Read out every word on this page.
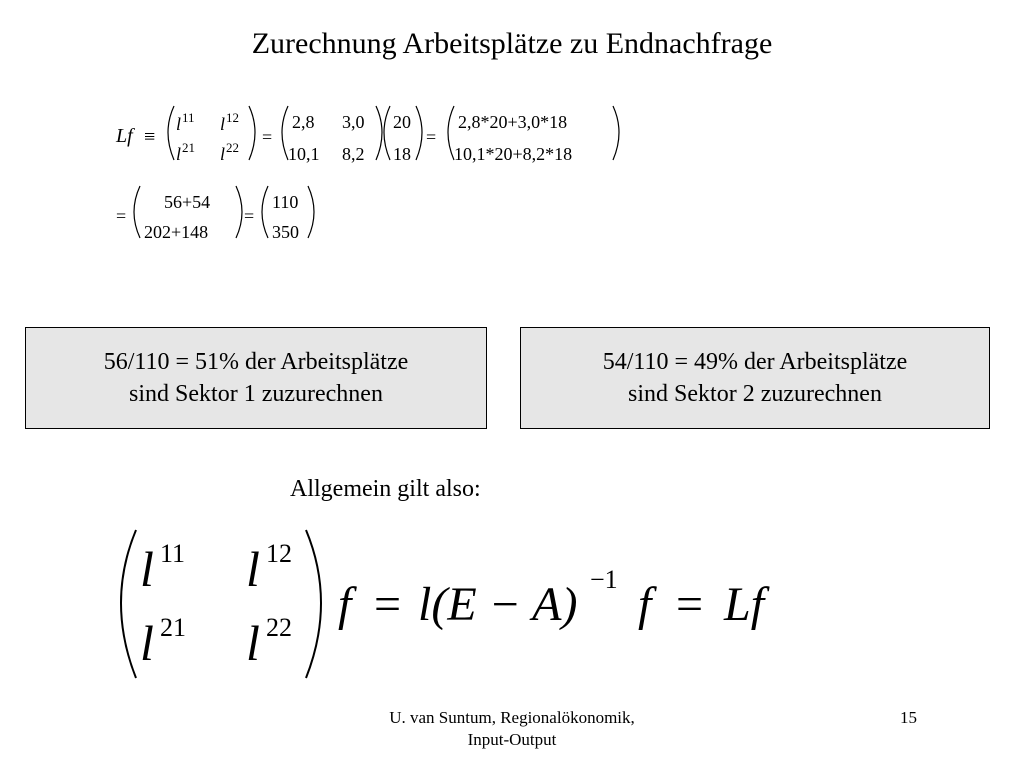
Zurechnung Arbeitsplätze zu Endnachfrage
Lf ≡
l 11 l 12
l 21 l 22
=
2,8 3,0
10,1 8,2
20
18
=
2,8*20+3,0*18
10,1*20+8,2*18
=
56+54
202+148
=
110
350
56/110 = 51% der Arbeitsplätze
sind Sektor 1 zuzurechnen
54/110 = 49% der Arbeitsplätze
sind Sektor 2 zuzurechnen
Allgemein gilt also:
l 11 l 12
l 21 l 22 f = l(E − A) −1 f = Lf
U. van Suntum, Regionalökonomik,
Input-Output
15
